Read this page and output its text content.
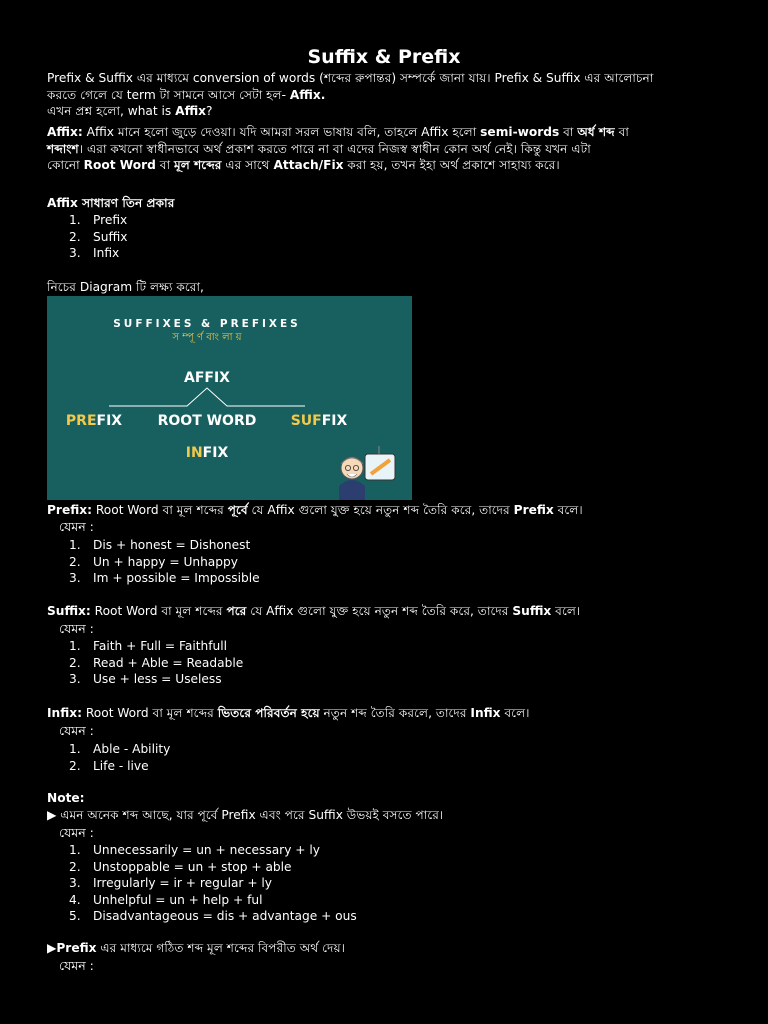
Suffix & Prefix
Prefix & Suffix এর মাধ্যমে conversion of words (শব্দের রুপান্তর) সম্পর্কে জানা যায়। Prefix & Suffix এর আলোচনা
করতে গেলে যে term টা সামনে আসে সেটা হল- Affix.
এখন প্রশ্ন হলো, what is Affix?
Affix: Affix মানে হলো জুড়ে দেওয়া। যদি আমরা সরল ভাষায় বলি, তাহলে Affix হলো semi-words বা অর্ধ শব্দ বা
শব্দাংশ। এরা কখনো স্বাধীনভাবে অর্থ প্রকাশ করতে পারে না বা এদের নিজস্ব স্বাধীন কোন অর্থ নেই। কিন্তু যখন এটা
কোনো Root Word বা মূল শব্দের এর সাথে Attach/Fix করা হয়, তখন ইহা অর্থ প্রকাশে সাহায্য করে।
Affix সাধারণ তিন প্রকার
1. Prefix
2. Suffix
3. Infix
নিচের Diagram টি লক্ষ্য করো,
SUFFIXES & PREFIXES
স ম্পূ র্ণ বাং লা য়
AFFIX
PREFIX	ROOT WORD SUFFIX
INFIX
Prefix: Root Word বা মূল শব্দের পূর্বে যে Affix গুলো যুক্ত হয়ে নতুন শব্দ তৈরি করে, তাদের Prefix বলে।
যেমন :
1. Dis + honest = Dishonest
2. Un + happy = Unhappy
3. Im + possible = Impossible
Suffix: Root Word বা মূল শব্দের পরে যে Affix গুলো যুক্ত হয়ে নতুন শব্দ তৈরি করে, তাদের Suffix বলে।
যেমন :
1. Faith + Full = Faithfull
2. Read + Able = Readable
3. Use + less = Useless
Infix: Root Word বা মূল শব্দের ভিতরে পরিবর্তন হয়ে নতুন শব্দ তৈরি করলে, তাদের Infix বলে।
যেমন :
1. Able - Ability
2. Life - live
Note:
▶ এমন অনেক শব্দ আছে, যার পূর্বে Prefix এবং পরে Suffix উভয়ই বসতে পারে।
যেমন :
1. Unnecessarily = un + necessary + ly
2. Unstoppable = un + stop + able
3. Irregularly = ir + regular + ly
4. Unhelpful = un + help + ful
5. Disadvantageous = dis + advantage + ous
▶Prefix এর মাধ্যমে গঠিত শব্দ মূল শব্দের বিপরীত অর্থ দেয়।
যেমন :
